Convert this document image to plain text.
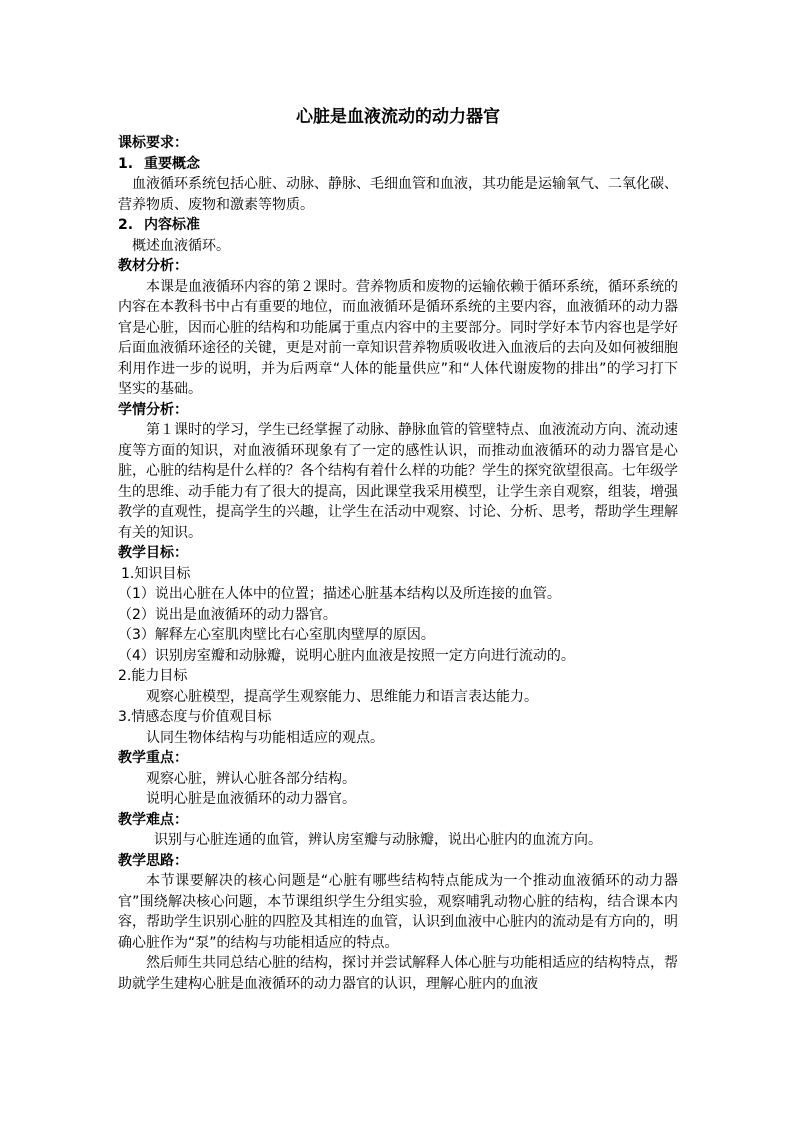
心脏是血液流动的动力器官
课标要求：
1. 重要概念

血液循环系统包括心脏、动脉、静脉、毛细血管和血液，其功能是运输氧气、二氧化碳、营养物质、废物和激素等物质。

2. 内容标准
概述血液循环。
教材分析：

本课是血液循环内容的第２课时。营养物质和废物的运输依赖于循环系统，循环系统的内容在本教科书中占有重要的地位，而血液循环是循环系统的主要内容，血液循环的动力器官是心脏，因而心脏的结构和功能属于重点内容中的主要部分。同时学好本节内容也是学好后面血液循环途径的关键，更是对前一章知识营养物质吸收进入血液后的去向及如何被细胞利用作进一步的说明，并为后两章“人体的能量供应”和“人体代谢废物的排出”的学习打下坚实的基础。

学情分析：

第１课时的学习，学生已经掌握了动脉、静脉血管的管壁特点、血液流动方向、流动速度等方面的知识，对血液循环现象有了一定的感性认识，而推动血液循环的动力器官是心脏，心脏的结构是什么样的？各个结构有着什么样的功能？学生的探究欲望很高。七年级学生的思维、动手能力有了很大的提高，因此课堂我采用模型，让学生亲自观察，组装，增强教学的直观性，提高学生的兴趣，让学生在活动中观察、讨论、分析、思考，帮助学生理解有关的知识。

教学目标：
1.知识目标
（1）说出心脏在人体中的位置；描述心脏基本结构以及所连接的血管。
（2）说出是血液循环的动力器官。
（3）解释左心室肌肉壁比右心室肌肉壁厚的原因。
（4）识别房室瓣和动脉瓣，说明心脏内血液是按照一定方向进行流动的。
2.能力目标
观察心脏模型，提高学生观察能力、思维能力和语言表达能力。
3.情感态度与价值观目标
认同生物体结构与功能相适应的观点。
教学重点：
观察心脏，辨认心脏各部分结构。
说明心脏是血液循环的动力器官。
教学难点：
识别与心脏连通的血管，辨认房室瓣与动脉瓣，说出心脏内的血流方向。
教学思路：

本节课要解决的核心问题是“心脏有哪些结构特点能成为一个推动血液循环的动力器官”围绕解决核心问题，本节课组织学生分组实验，观察哺乳动物心脏的结构，结合课本内容，帮助学生识别心脏的四腔及其相连的血管，认识到血液中心脏内的流动是有方向的，明确心脏作为“泵”的结构与功能相适应的特点。

然后师生共同总结心脏的结构，探讨并尝试解释人体心脏与功能相适应的结构特点，帮助就学生建构心脏是血液循环的动力器官的认识，理解心脏内的血液
